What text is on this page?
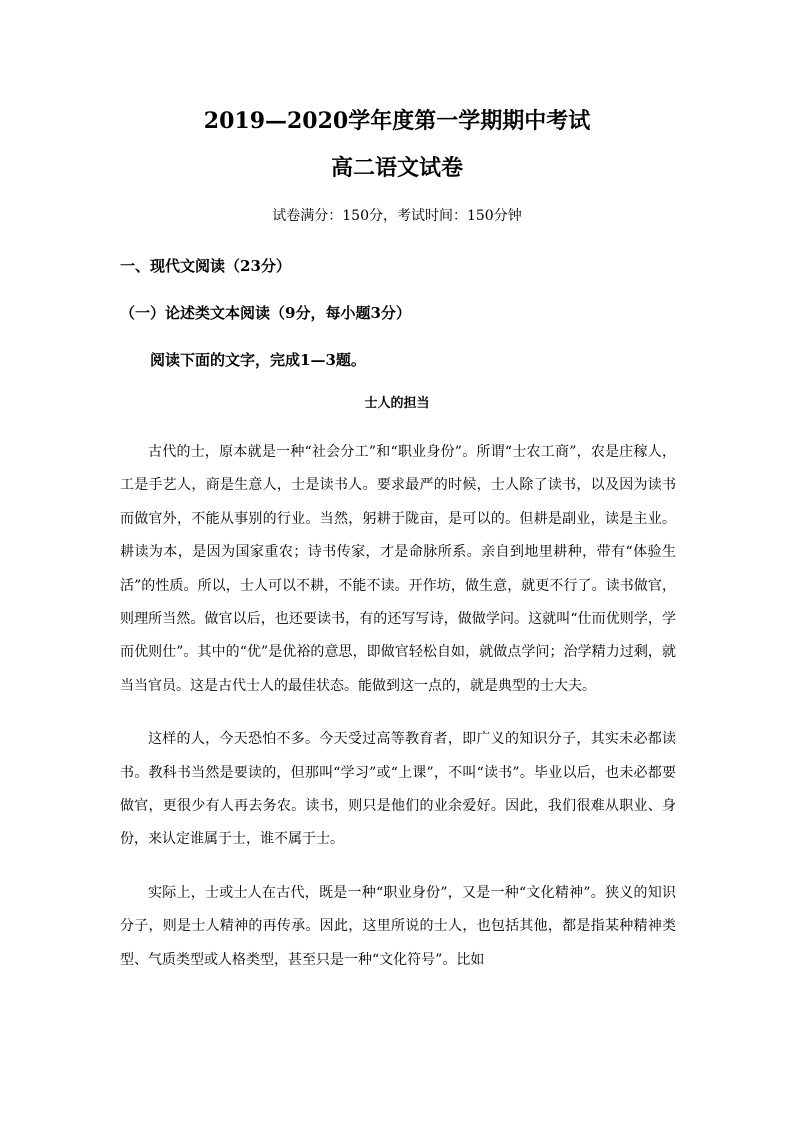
2019—2020学年度第一学期期中考试
高二语文试卷
试卷满分：150分，考试时间：150分钟
一、现代文阅读（23分）
（一）论述类文本阅读（9分，每小题3分）
阅读下面的文字，完成1—3题。
士人的担当

古代的士，原本就是一种“社会分工”和“职业身份”。所谓“士农工商”，农是庄稼人，工是手艺人，商是生意人，士是读书人。要求最严的时候，士人除了读书，以及因为读书而做官外，不能从事别的行业。当然，躬耕于陇亩，是可以的。但耕是副业，读是主业。耕读为本，是因为国家重农；诗书传家，才是命脉所系。亲自到地里耕种，带有“体验生活”的性质。所以，士人可以不耕，不能不读。开作坊，做生意，就更不行了。读书做官，则理所当然。做官以后，也还要读书，有的还写写诗，做做学问。这就叫“仕而优则学，学而优则仕”。其中的“优”是优裕的意思，即做官轻松自如，就做点学问；治学精力过剩，就当当官员。这是古代士人的最佳状态。能做到这一点的，就是典型的士大夫。

这样的人，今天恐怕不多。今天受过高等教育者，即广义的知识分子，其实未必都读书。教科书当然是要读的，但那叫“学习”或“上课”，不叫“读书”。毕业以后，也未必都要做官，更很少有人再去务农。读书，则只是他们的业余爱好。因此，我们很难从职业、身份，来认定谁属于士，谁不属于士。

实际上，士或士人在古代，既是一种“职业身份”，又是一种“文化精神”。狭义的知识分子，则是士人精神的再传承。因此，这里所说的士人，也包括其他，都是指某种精神类型、气质类型或人格类型，甚至只是一种“文化符号”。比如
